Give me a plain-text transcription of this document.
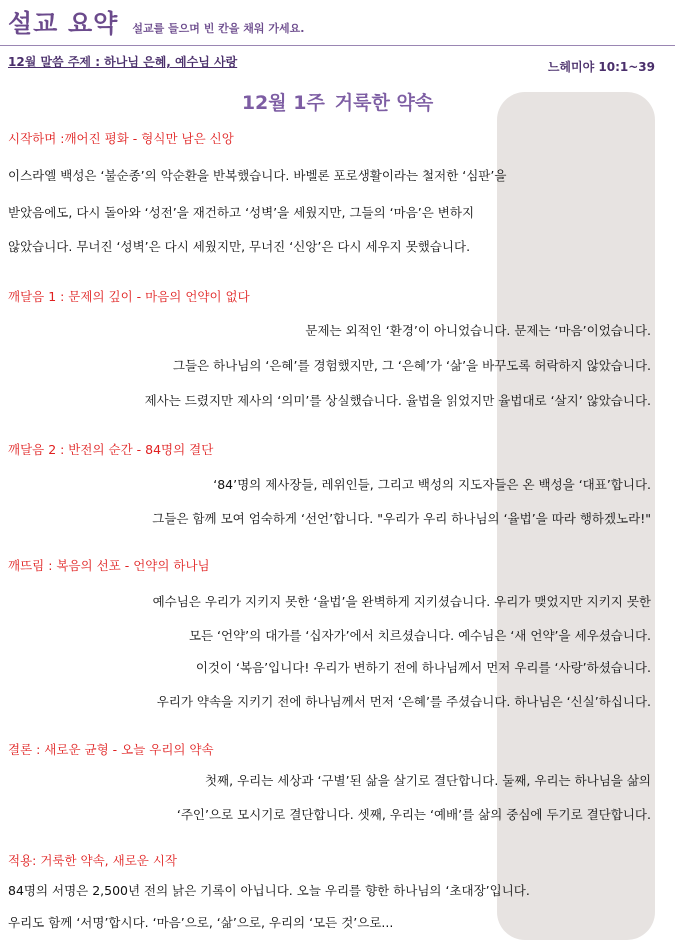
설교 요약 설교를 들으며 빈 칸을 채워 가세요.
12월 말씀 주제 : 하나님 은혜, 예수님 사랑	느헤미야 10:1~39
12월 1주 거룩한 약속
시작하며 :깨어진 평화 - 형식만 남은 신앙
이스라엘 백성은 ‘불순종’의 악순환을 반복했습니다. 바벨론 포로생활이라는 철저한 ‘심판’을
받았음에도, 다시 돌아와 ‘성전’을 재건하고 ‘성벽’을 세웠지만, 그들의 ‘마음’은 변하지
않았습니다. 무너진 ‘성벽’은 다시 세웠지만, 무너진 ‘신앙’은 다시 세우지 못했습니다.
깨달음 1 : 문제의 깊이 - 마음의 언약이 없다
문제는 외적인 ‘환경’이 아니었습니다. 문제는 ‘마음’이었습니다.
그들은 하나님의 ‘은혜’를 경험했지만, 그 ‘은혜’가 ‘삶’을 바꾸도록 허락하지 않았습니다.
제사는 드렸지만 제사의 ‘의미’를 상실했습니다. 율법을 읽었지만 율법대로 ‘살지’ 않았습니다.
깨달음 2 : 반전의 순간 - 84명의 결단
‘84’명의 제사장들, 레위인들, 그리고 백성의 지도자들은 온 백성을 ‘대표’합니다.
그들은 함께 모여 엄숙하게 ‘선언’합니다. "우리가 우리 하나님의 ‘율법’을 따라 행하겠노라!"
깨뜨림 : 복음의 선포 - 언약의 하나님
예수님은 우리가 지키지 못한 ‘율법’을 완벽하게 지키셨습니다. 우리가 맺었지만 지키지 못한
모든 ‘언약’의 대가를 ‘십자가’에서 치르셨습니다. 예수님은 ‘새 언약’을 세우셨습니다.
이것이 ‘복음’입니다! 우리가 변하기 전에 하나님께서 먼저 우리를 ‘사랑’하셨습니다.
우리가 약속을 지키기 전에 하나님께서 먼저 ‘은혜’를 주셨습니다. 하나님은 ‘신실’하십니다.
결론 : 새로운 균형 - 오늘 우리의 약속
첫째, 우리는 세상과 ‘구별’된 삶을 살기로 결단합니다. 둘째, 우리는 하나님을 삶의
‘주인’으로 모시기로 결단합니다. 셋째, 우리는 ‘예배’를 삶의 중심에 두기로 결단합니다.
적용: 거룩한 약속, 새로운 시작
84명의 서명은 2,500년 전의 낡은 기록이 아닙니다. 오늘 우리를 향한 하나님의 ‘초대장’입니다.
우리도 함께 ‘서명’합시다. ‘마음’으로, ‘삶’으로, 우리의 ‘모든 것’으로...
